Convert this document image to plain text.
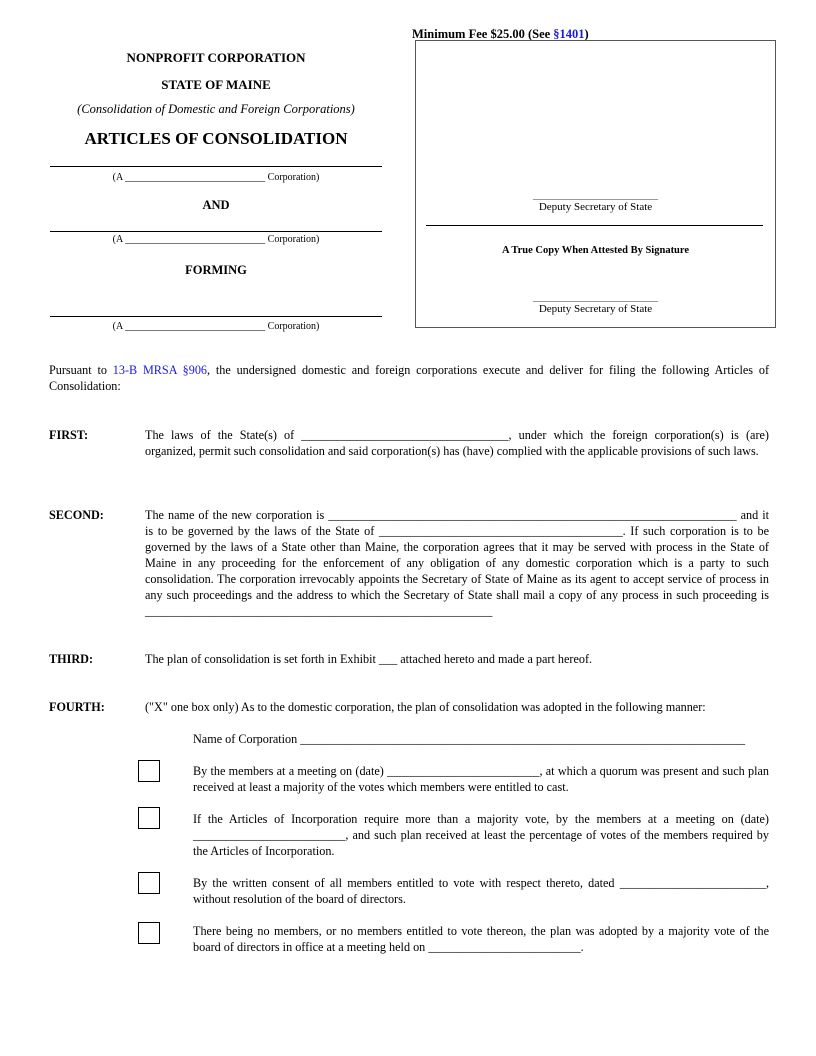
Minimum Fee $25.00 (See §1401)
NONPROFIT CORPORATION
STATE OF MAINE
(Consolidation of Domestic and Foreign Corporations)
ARTICLES OF CONSOLIDATION
(A ____________________________ Corporation)
AND
(A ____________________________ Corporation)
FORMING
(A ____________________________ Corporation)
_________________________
Deputy Secretary of State
A True Copy When Attested By Signature
_________________________
Deputy Secretary of State
Pursuant to 13-B MRSA §906, the undersigned domestic and foreign corporations execute and deliver for filing the following Articles of Consolidation:
FIRST:	The laws of the State(s) of __________________________________, under which the foreign corporation(s) is (are) organized, permit such consolidation and said corporation(s) has (have) complied with the applicable provisions of such laws.
SECOND:	The name of the new corporation is ___________________________________________________________________ and it is to be governed by the laws of the State of ________________________________________. If such corporation is to be governed by the laws of a State other than Maine, the corporation agrees that it may be served with process in the State of Maine in any proceeding for the enforcement of any obligation of any domestic corporation which is a party to such consolidation. The corporation irrevocably appoints the Secretary of State of Maine as its agent to accept service of process in any such proceedings and the address to which the Secretary of State shall mail a copy of any process in such proceeding is _________________________________________________________
THIRD:	The plan of consolidation is set forth in Exhibit ___ attached hereto and made a part hereof.
FOURTH:	("X" one box only) As to the domestic corporation, the plan of consolidation was adopted in the following manner:
Name of Corporation _________________________________________________________________________
By the members at a meeting on (date) _________________________, at which a quorum was present and such plan received at least a majority of the votes which members were entitled to cast.
If the Articles of Incorporation require more than a majority vote, by the members at a meeting on (date) _________________________, and such plan received at least the percentage of votes of the members required by the Articles of Incorporation.
By the written consent of all members entitled to vote with respect thereto, dated ________________________, without resolution of the board of directors.
There being no members, or no members entitled to vote thereon, the plan was adopted by a majority vote of the board of directors in office at a meeting held on _________________________.
